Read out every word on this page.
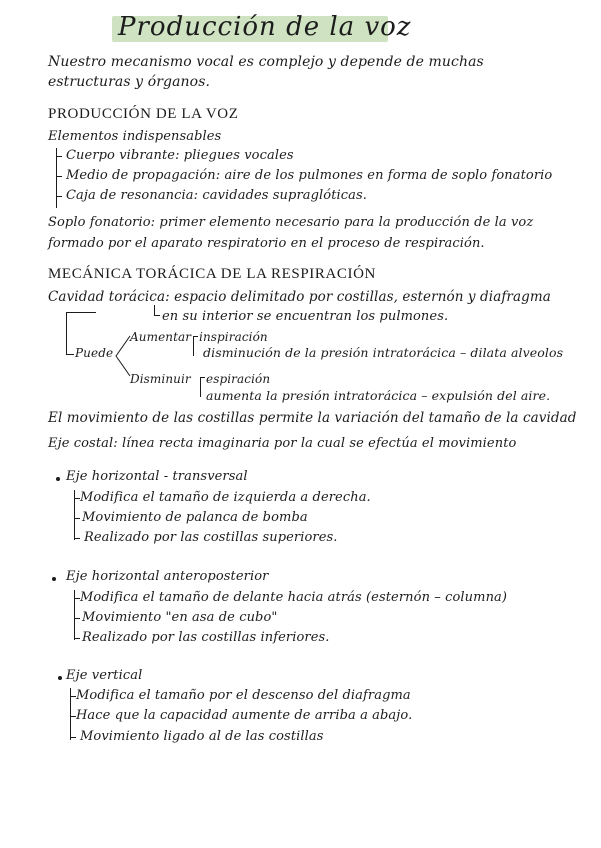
Producción de la voz
Nuestro mecanismo vocal es complejo y depende de muchas
estructuras y órganos.
PRODUCCIÓN DE LA VOZ
Elementos indispensables
Cuerpo vibrante: pliegues vocales
Medio de propagación: aire de los pulmones en forma de soplo fonatorio
Caja de resonancia: cavidades supraglóticas.
Soplo fonatorio: primer elemento necesario para la producción de la voz
formado por el aparato respiratorio en el proceso de respiración.
MECÁNICA TORÁCICA DE LA RESPIRACIÓN
Cavidad torácica: espacio delimitado por costillas, esternón y diafragma
en su interior se encuentran los pulmones.
Puede
Aumentar inspiración
disminución de la presión intratorácica – dilata alveolos
Disminuir espiración
aumenta la presión intratorácica – expulsión del aire.
El movimiento de las costillas permite la variación del tamaño de la cavidad
Eje costal: línea recta imaginaria por la cual se efectúa el movimiento
Eje horizontal - transversal
Modifica el tamaño de izquierda a derecha.
Movimiento de palanca de bomba
Realizado por las costillas superiores.
Eje horizontal anteroposterior
Modifica el tamaño de delante hacia atrás (esternón – columna)
Movimiento "en asa de cubo"
Realizado por las costillas inferiores.
Eje vertical
Modifica el tamaño por el descenso del diafragma
Hace que la capacidad aumente de arriba a abajo.
Movimiento ligado al de las costillas
